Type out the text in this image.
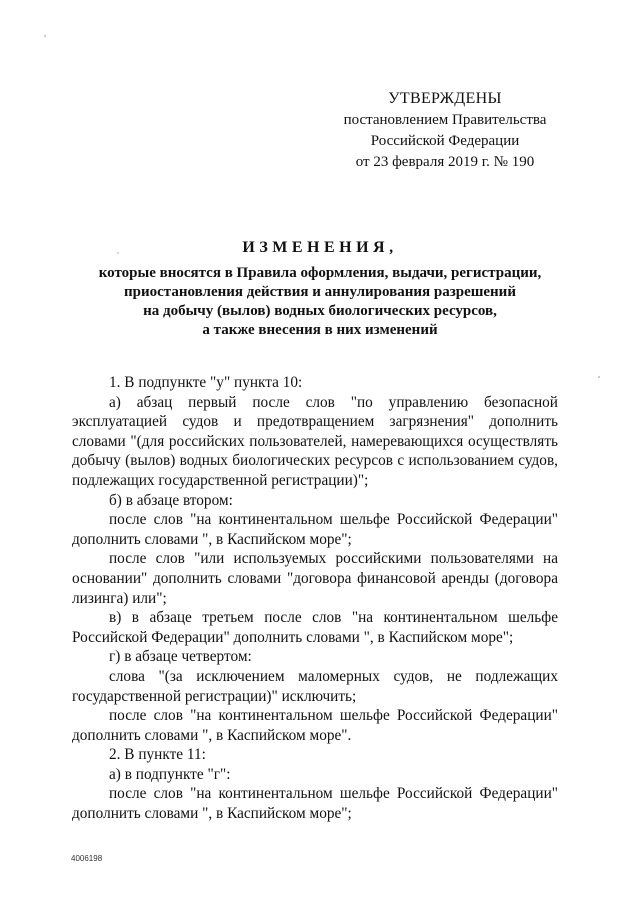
УТВЕРЖДЕНЫ
постановлением Правительства
Российской Федерации
от 23 февраля 2019 г. № 190
ИЗМЕНЕНИЯ,
которые вносятся в Правила оформления, выдачи, регистрации,
приостановления действия и аннулирования разрешений
на добычу (вылов) водных биологических ресурсов,
а также внесения в них изменений

1. В подпункте "у" пункта 10:

а) абзац первый после слов "по управлению безопасной эксплуатацией судов и предотвращением загрязнения" дополнить словами "(для российских пользователей, намеревающихся осуществлять добычу (вылов) водных биологических ресурсов с использованием судов, подлежащих государственной регистрации)";

б) в абзаце втором:

после слов "на континентальном шельфе Российской Федерации" дополнить словами ", в Каспийском море";

после слов "или используемых российскими пользователями на основании" дополнить словами "договора финансовой аренды (договора лизинга) или";

в) в абзаце третьем после слов "на континентальном шельфе Российской Федерации" дополнить словами ", в Каспийском море";

г) в абзаце четвертом:

слова "(за исключением маломерных судов, не подлежащих государственной регистрации)" исключить;

после слов "на континентальном шельфе Российской Федерации" дополнить словами ", в Каспийском море".

2. В пункте 11:

а) в подпункте "г":

после слов "на континентальном шельфе Российской Федерации" дополнить словами ", в Каспийском море";

4006198
